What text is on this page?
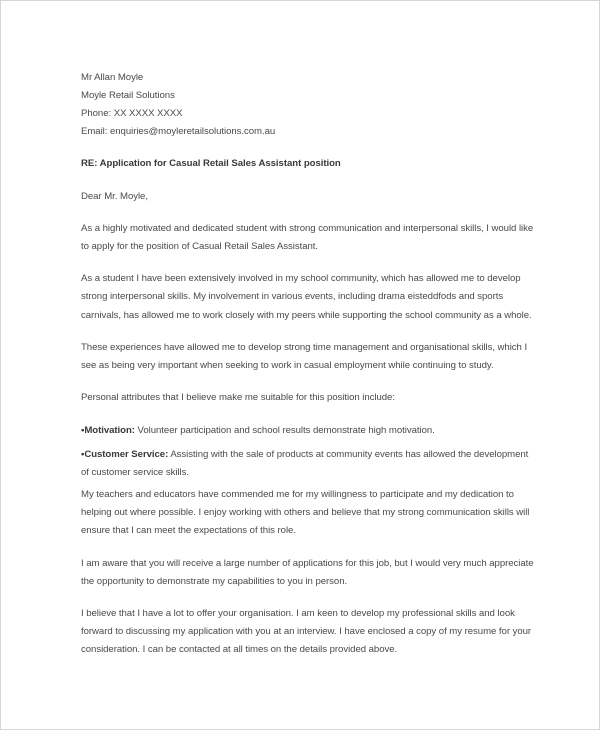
Mr Allan Moyle
Moyle Retail Solutions
Phone: XX XXXX XXXX
Email: enquiries@moyleretailsolutions.com.au
RE: Application for Casual Retail Sales Assistant position
Dear Mr. Moyle,
As a highly motivated and dedicated student with strong communication and interpersonal skills, I would like
to apply for the position of Casual Retail Sales Assistant.
As a student I have been extensively involved in my school community, which has allowed me to develop
strong interpersonal skills. My involvement in various events, including drama eisteddfods and sports
carnivals, has allowed me to work closely with my peers while supporting the school community as a whole.
These experiences have allowed me to develop strong time management and organisational skills, which I
see as being very important when seeking to work in casual employment while continuing to study.
Personal attributes that I believe make me suitable for this position include:
•Motivation: Volunteer participation and school results demonstrate high motivation.
•Customer Service: Assisting with the sale of products at community events has allowed the development
of customer service skills.
My teachers and educators have commended me for my willingness to participate and my dedication to
helping out where possible. I enjoy working with others and believe that my strong communication skills will
ensure that I can meet the expectations of this role.
I am aware that you will receive a large number of applications for this job, but I would very much appreciate
the opportunity to demonstrate my capabilities to you in person.
I believe that I have a lot to offer your organisation. I am keen to develop my professional skills and look
forward to discussing my application with you at an interview. I have enclosed a copy of my resume for your
consideration. I can be contacted at all times on the details provided above.
